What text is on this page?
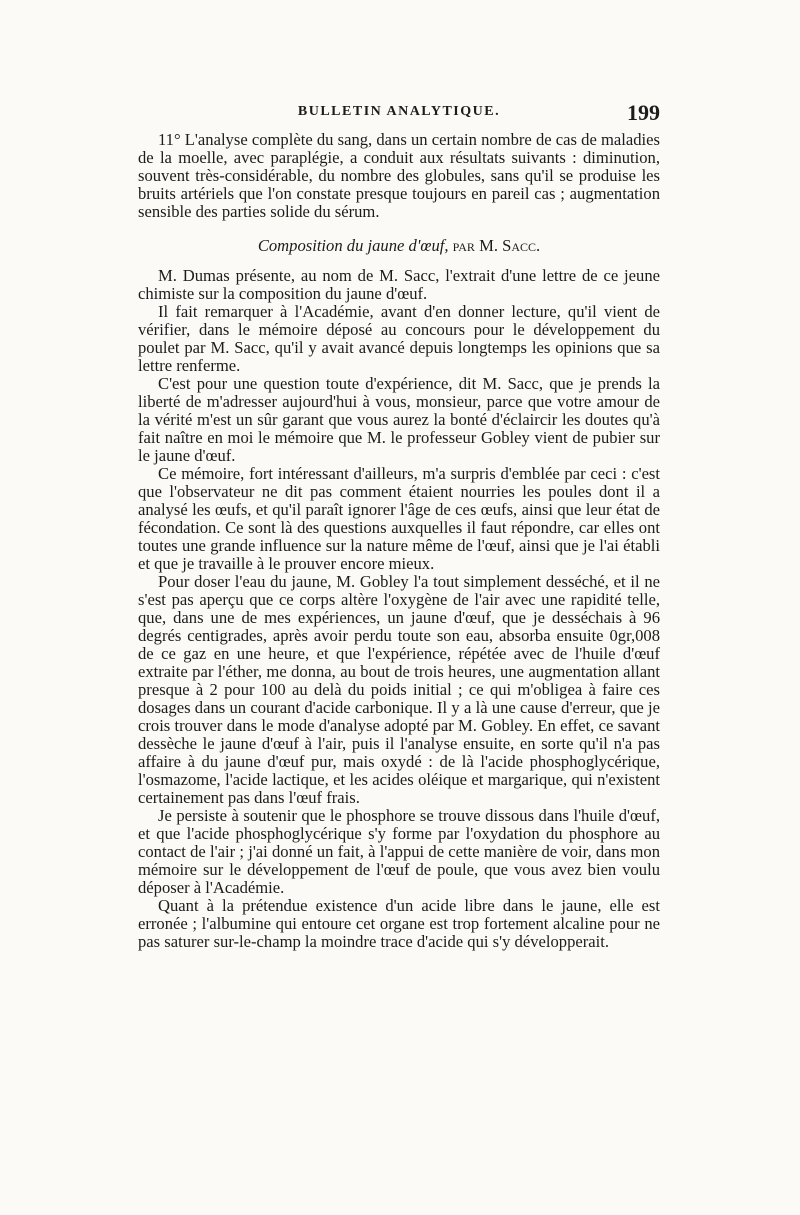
BULLETIN ANALYTIQUE.	199

11° L'analyse complète du sang, dans un certain nombre de cas de maladies de la moelle, avec paraplégie, a conduit aux résultats suivants : diminution, souvent très-considérable, du nombre des globules, sans qu'il se produise les bruits artériels que l'on constate presque toujours en pareil cas ; augmentation sensible des parties solide du sérum.

Composition du jaune d'œuf, par M. Sacc.

M. Dumas présente, au nom de M. Sacc, l'extrait d'une lettre de ce jeune chimiste sur la composition du jaune d'œuf.

Il fait remarquer à l'Académie, avant d'en donner lecture, qu'il vient de vérifier, dans le mémoire déposé au concours pour le développement du poulet par M. Sacc, qu'il y avait avancé depuis longtemps les opinions que sa lettre renferme.

C'est pour une question toute d'expérience, dit M. Sacc, que je prends la liberté de m'adresser aujourd'hui à vous, monsieur, parce que votre amour de la vérité m'est un sûr garant que vous aurez la bonté d'éclaircir les doutes qu'à fait naître en moi le mémoire que M. le professeur Gobley vient de pubier sur le jaune d'œuf.

Ce mémoire, fort intéressant d'ailleurs, m'a surpris d'emblée par ceci : c'est que l'observateur ne dit pas comment étaient nourries les poules dont il a analysé les œufs, et qu'il paraît ignorer l'âge de ces œufs, ainsi que leur état de fécondation. Ce sont là des questions auxquelles il faut répondre, car elles ont toutes une grande influence sur la nature même de l'œuf, ainsi que je l'ai établi et que je travaille à le prouver encore mieux.

Pour doser l'eau du jaune, M. Gobley l'a tout simplement desséché, et il ne s'est pas aperçu que ce corps altère l'oxygène de l'air avec une rapidité telle, que, dans une de mes expériences, un jaune d'œuf, que je desséchais à 96 degrés centigrades, après avoir perdu toute son eau, absorba ensuite 0gr,008 de ce gaz en une heure, et que l'expérience, répétée avec de l'huile d'œuf extraite par l'éther, me donna, au bout de trois heures, une augmentation allant presque à 2 pour 100 au delà du poids initial ; ce qui m'obligea à faire ces dosages dans un courant d'acide carbonique. Il y a là une cause d'erreur, que je crois trouver dans le mode d'analyse adopté par M. Gobley. En effet, ce savant dessèche le jaune d'œuf à l'air, puis il l'analyse ensuite, en sorte qu'il n'a pas affaire à du jaune d'œuf pur, mais oxydé : de là l'acide phosphoglycérique, l'osmazome, l'acide lactique, et les acides oléique et margarique, qui n'existent certainement pas dans l'œuf frais.

Je persiste à soutenir que le phosphore se trouve dissous dans l'huile d'œuf, et que l'acide phosphoglycérique s'y forme par l'oxydation du phosphore au contact de l'air ; j'ai donné un fait, à l'appui de cette manière de voir, dans mon mémoire sur le développement de l'œuf de poule, que vous avez bien voulu déposer à l'Académie.

Quant à la prétendue existence d'un acide libre dans le jaune, elle est erronée ; l'albumine qui entoure cet organe est trop fortement alcaline pour ne pas saturer sur-le-champ la moindre trace d'acide qui s'y développerait.
